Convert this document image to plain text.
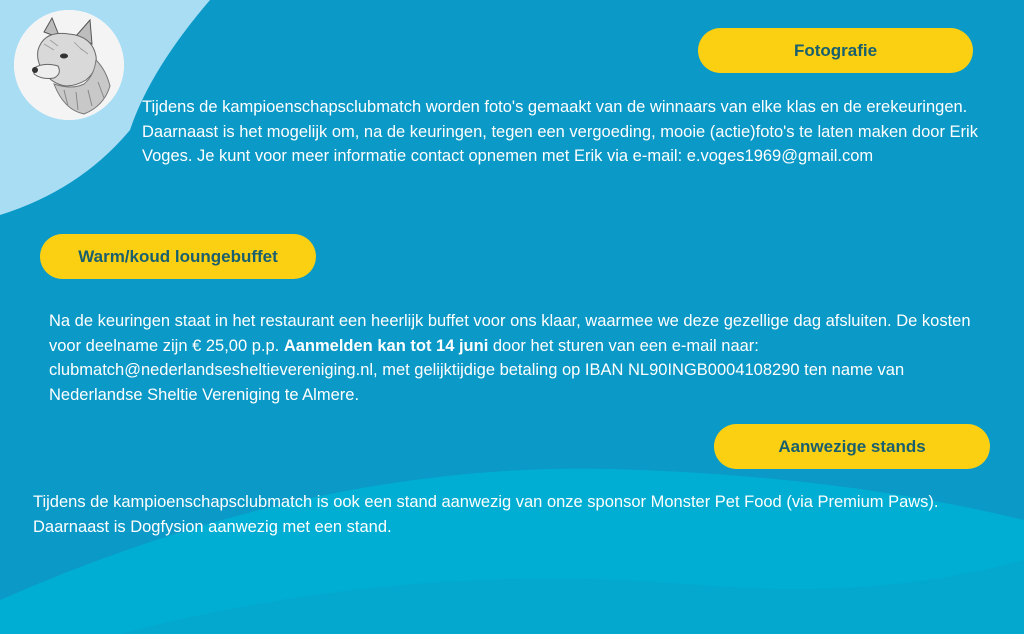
Fotografie
Tijdens de kampioenschapsclubmatch worden foto's gemaakt van de winnaars van elke klas en de erekeuringen. Daarnaast is het mogelijk om, na de keuringen, tegen een vergoeding, mooie (actie)foto's te laten maken door Erik Voges. Je kunt voor meer informatie contact opnemen met Erik via e-mail: e.voges1969@gmail.com
Warm/koud loungebuffet
Na de keuringen staat in het restaurant een heerlijk buffet voor ons klaar, waarmee we deze gezellige dag afsluiten. De kosten voor deelname zijn € 25,00 p.p. Aanmelden kan tot 14 juni door het sturen van een e-mail naar: clubmatch@nederlandsesheltievereniging.nl, met gelijktijdige betaling op IBAN NL90INGB0004108290 ten name van Nederlandse Sheltie Vereniging te Almere.
Aanwezige stands
Tijdens de kampioenschapsclubmatch is ook een stand aanwezig van onze sponsor Monster Pet Food (via Premium Paws). Daarnaast is Dogfysion aanwezig met een stand.
